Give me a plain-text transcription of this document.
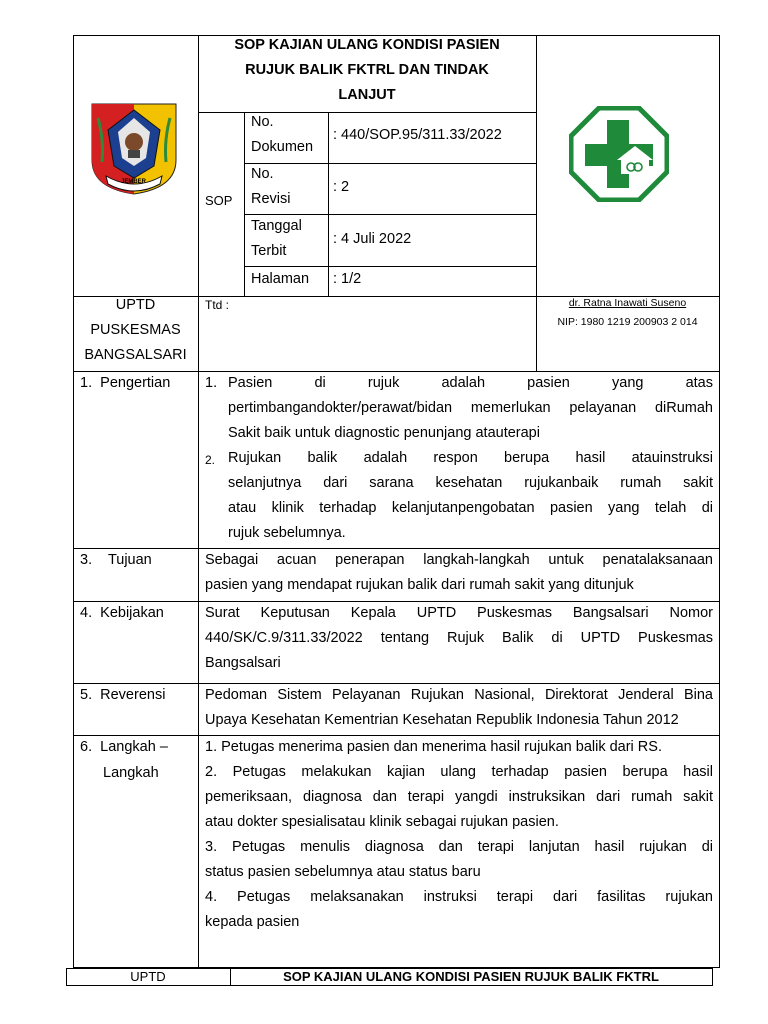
JEMBER
SOP KAJIAN ULANG KONDISI PASIEN
RUJUK BALIK FKTRL DAN TINDAK
LANJUT
SOP
No.
Dokumen
: 440/SOP.95/311.33/2022
No.
Revisi
: 2
Tanggal
Terbit
: 4 Juli 2022
Halaman : 1/2
UPTD
PUSKESMAS
BANGSALSARI
Ttd :	dr. Ratna Inawati Suseno
NIP: 1980 1219 200903 2 014
1.  Pengertian
3.    Tujuan
4.  Kebijakan
5.  Reverensi
6.  Langkah –
Langkah
1. Pasien di rujuk adalah pasien yang atas
pertimbangandokter/perawat/bidan memerlukan pelayanan diRumah
Sakit baik untuk diagnostic penunjang atauterapi
2. Rujukan balik adalah respon berupa hasil atauinstruksi
selanjutnya dari sarana kesehatan rujukanbaik rumah sakit
atau klinik terhadap kelanjutanpengobatan pasien yang telah di
rujuk sebelumnya.
Sebagai acuan penerapan langkah-langkah untuk penatalaksanaan
pasien yang mendapat rujukan balik dari rumah sakit yang ditunjuk
Surat Keputusan Kepala UPTD Puskesmas Bangsalsari Nomor
440/SK/C.9/311.33/2022 tentang Rujuk Balik di UPTD Puskesmas
Bangsalsari
Pedoman Sistem Pelayanan Rujukan Nasional, Direktorat Jenderal Bina
Upaya Kesehatan Kementrian Kesehatan Republik Indonesia Tahun 2012
1. Petugas menerima pasien dan menerima hasil rujukan balik dari RS.
2. Petugas melakukan kajian ulang terhadap pasien berupa hasil
pemeriksaan, diagnosa dan terapi yangdi instruksikan dari rumah sakit
atau dokter spesialisatau klinik sebagai rujukan pasien.
3. Petugas menulis diagnosa dan terapi lanjutan hasil rujukan di
status pasien sebelumnya atau status baru
4. Petugas melaksanakan instruksi terapi dari fasilitas rujukan
kepada pasien
UPTD	SOP KAJIAN ULANG KONDISI PASIEN RUJUK BALIK FKTRL
